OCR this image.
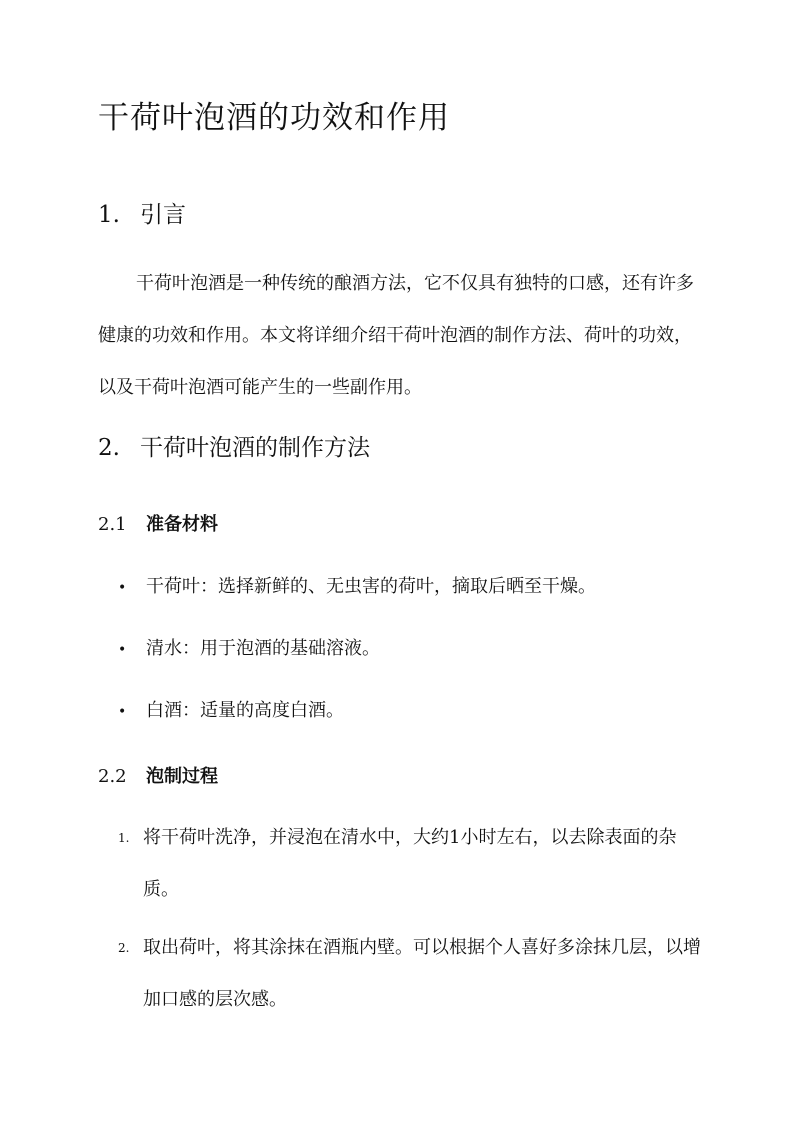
干荷叶泡酒的功效和作用
1. 引言

干荷叶泡酒是一种传统的酿酒方法，它不仅具有独特的口感，还有许多健康的功效和作用。本文将详细介绍干荷叶泡酒的制作方法、荷叶的功效，以及干荷叶泡酒可能产生的一些副作用。

2. 干荷叶泡酒的制作方法
2.1 准备材料

• 干荷叶：选择新鲜的、无虫害的荷叶，摘取后晒至干燥。

• 清水：用于泡酒的基础溶液。

• 白酒：适量的高度白酒。

2.2 泡制过程
1. 将干荷叶洗净，并浸泡在清水中，大约1小时左右，以去除表面的杂质。
2. 取出荷叶，将其涂抹在酒瓶内壁。可以根据个人喜好多涂抹几层，以增加口感的层次感。
